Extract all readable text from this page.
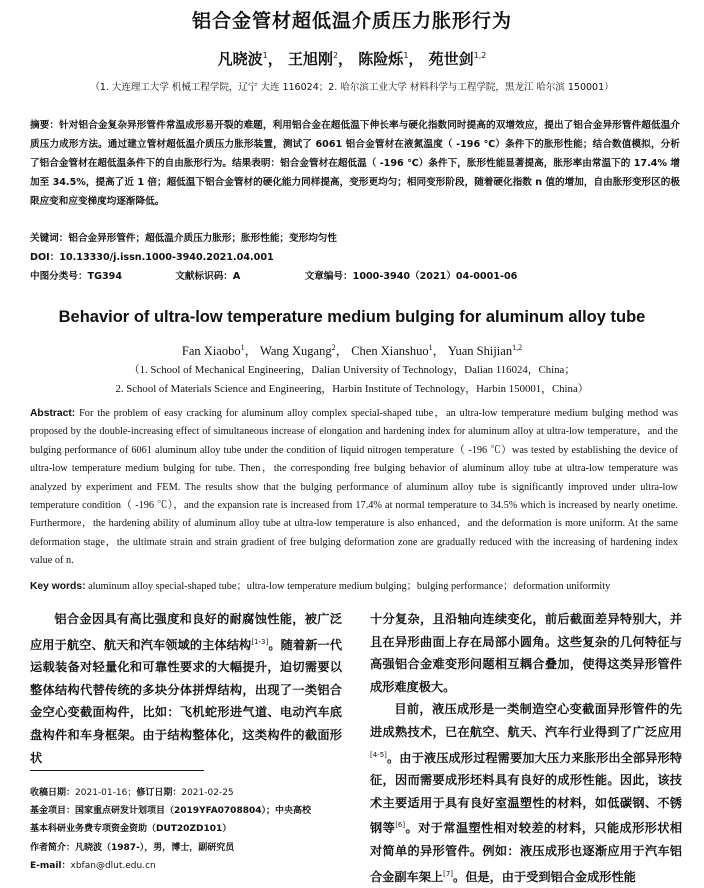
铝合金管材超低温介质压力胀形行为
凡晓波$^1$， 王旭刚$^2$， 陈险烁$^1$， 苑世剑$^{1,2}$
（1. 大连理工大学 机械工程学院，辽宁 大连 116024；2. 哈尔滨工业大学 材料科学与工程学院，黑龙江 哈尔滨 150001）
摘要：针对铝合金复杂异形管件常温成形易开裂的难题，利用铝合金在超低温下伸长率与硬化指数同时提高的双增效应，提出了铝合金异形管件超低温介质压力成形方法。通过建立管材超低温介质压力胀形装置，测试了 6061 铝合金管材在液氮温度（ -196 ℃）条件下的胀形性能；结合数值模拟，分析了铝合金管材在超低温条件下的自由胀形行为。结果表明：铝合金管材在超低温（ -196 ℃）条件下，胀形性能显著提高，胀形率由常温下的 17.4% 增加至 34.5%，提高了近 1 倍；超低温下铝合金管材的硬化能力同样提高，变形更均匀；相同变形阶段，随着硬化指数 n 值的增加，自由胀形变形区的极限应变和应变梯度均逐渐降低。
关键词：铝合金异形管件；超低温介质压力胀形；胀形性能；变形均匀性
DOI：10.13330/j.issn.1000-3940.2021.04.001
中图分类号：TG394	文献标识码：A	文章编号：1000-3940（2021）04-0001-06
Behavior of ultra-low temperature medium bulging for aluminum alloy tube
Fan Xiaobo$^1$， Wang Xugang$^2$， Chen Xianshuo$^1$， Yuan Shijian$^{1,2}$
（1. School of Mechanical Engineering，Dalian University of Technology，Dalian 116024，China；
2. School of Materials Science and Engineering，Harbin Institute of Technology，Harbin 150001，China）
Abstract: For the problem of easy cracking for aluminum alloy complex special-shaped tube，an ultra-low temperature medium bulging method was proposed by the double-increasing effect of simultaneous increase of elongation and hardening index for aluminum alloy at ultra-low temperature，and the bulging performance of 6061 aluminum alloy tube under the condition of liquid nitrogen temperature（ -196 ℃）was tested by establishing the device of ultra-low temperature medium bulging for tube. Then，the corresponding free bulging behavior of aluminum alloy tube at ultra-low temperature was analyzed by experiment and FEM. The results show that the bulging performance of aluminum alloy tube is significantly improved under ultra-low temperature condition（ -196 ℃），and the expansion rate is increased from 17.4% at normal temperature to 34.5% which is increased by nearly onetime. Furthermore，the hardening ability of aluminum alloy tube at ultra-low temperature is also enhanced，and the deformation is more uniform. At the same deformation stage，the ultimate strain and strain gradient of free bulging deformation zone are gradually reduced with the increasing of hardening index value of n.
Key words: aluminum alloy special-shaped tube；ultra-low temperature medium bulging；bulging performance；deformation uniformity

铝合金因具有高比强度和良好的耐腐蚀性能，被广泛应用于航空、航天和汽车领域的主体结构[1-3]。随着新一代运载装备对轻量化和可靠性要求的大幅提升，迫切需要以整体结构代替传统的多块分体拼焊结构，出现了一类铝合金空心变截面构件，比如：飞机蛇形进气道、电动汽车底盘构件和车身框架。由于结构整体化，这类构件的截面形状

十分复杂，且沿轴向连续变化，前后截面差异特别大，并且在异形曲面上存在局部小圆角。这些复杂的几何特征与高强铝合金难变形问题相互耦合叠加，使得这类异形管件成形难度极大。

目前，液压成形是一类制造空心变截面异形管件的先进成熟技术，已在航空、航天、汽车行业得到了广泛应用[4-5]。由于液压成形过程需要加大压力来胀形出全部异形特征，因而需要成形坯料具有良好的成形性能。因此，该技术主要适用于具有良好室温塑性的材料，如低碳钢、不锈钢等[6]。对于常温塑性相对较差的材料，只能成形形状相对简单的异形管件。例如：液压成形也逐渐应用于汽车铝合金副车架上[7]。但是，由于受到铝合金成形性能

收稿日期：2021-01-16；修订日期：2021-02-25
基金项目：国家重点研发计划项目（2019YFA0708804）；中央高校
基本科研业务费专项资金资助（DUT20ZD101）
作者简介：凡晓波（1987-），男，博士，副研究员
E-mail：xbfan@dlut.edu.cn
